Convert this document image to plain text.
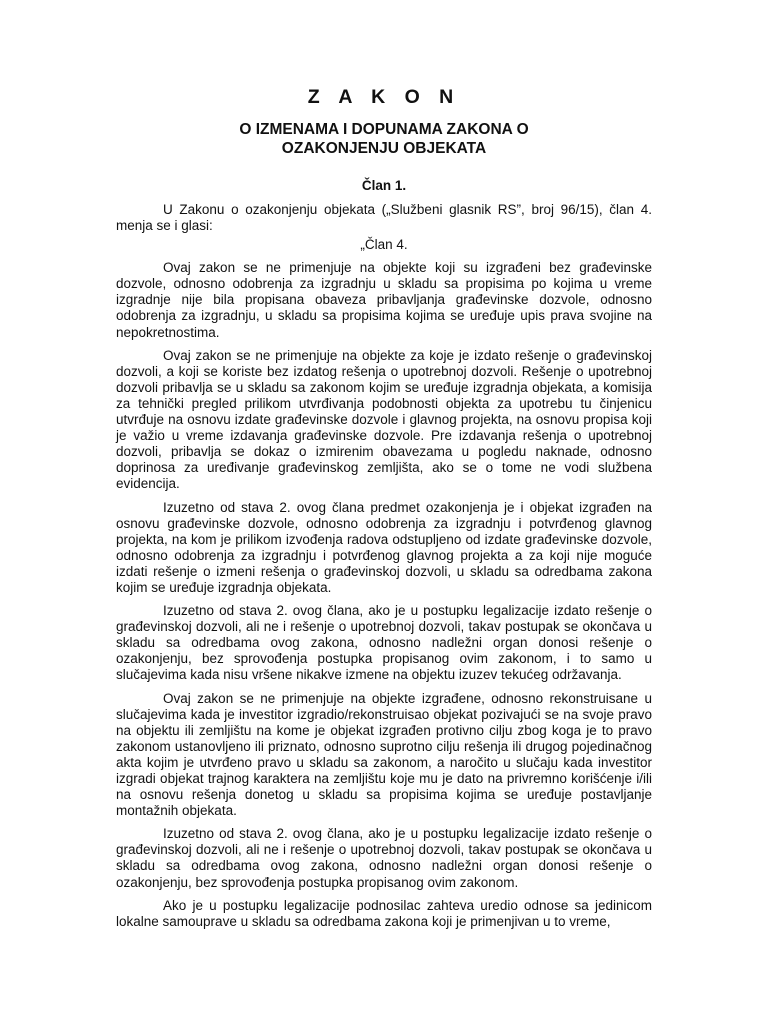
Z A K O N
O IZMENAMA I DOPUNAMA ZAKONA O
OZAKONJENJU OBJEKATA
Član 1.

U Zakonu o ozakonjenju objekata („Službeni glasnik RS”, broj 96/15), član 4. menja se i glasi:

„Član 4.

Ovaj zakon se ne primenjuje na objekte koji su izgrađeni bez građevinske dozvole, odnosno odobrenja za izgradnju u skladu sa propisima po kojima u vreme izgradnje nije bila propisana obaveza pribavljanja građevinske dozvole, odnosno odobrenja za izgradnju, u skladu sa propisima kojima se uređuje upis prava svojine na nepokretnostima.

Ovaj zakon se ne primenjuje na objekte za koje je izdato rešenje o građevinskoj dozvoli, a koji se koriste bez izdatog rešenja o upotrebnoj dozvoli. Rešenje o upotrebnoj dozvoli pribavlja se u skladu sa zakonom kojim se uređuje izgradnja objekata, a komisija za tehnički pregled prilikom utvrđivanja podobnosti objekta za upotrebu tu činjenicu utvrđuje na osnovu izdate građevinske dozvole i glavnog projekta, na osnovu propisa koji je važio u vreme izdavanja građevinske dozvole. Pre izdavanja rešenja o upotrebnoj dozvoli, pribavlja se dokaz o izmirenim obavezama u pogledu naknade, odnosno doprinosa za uređivanje građevinskog zemljišta, ako se o tome ne vodi službena evidencija.

Izuzetno od stava 2. ovog člana predmet ozakonjenja je i objekat izgrađen na osnovu građevinske dozvole, odnosno odobrenja za izgradnju i potvrđenog glavnog projekta, na kom je prilikom izvođenja radova odstupljeno od izdate građevinske dozvole, odnosno odobrenja za izgradnju i potvrđenog glavnog projekta a za koji nije moguće izdati rešenje o izmeni rešenja o građevinskoj dozvoli, u skladu sa odredbama zakona kojim se uređuje izgradnja objekata.

Izuzetno od stava 2. ovog člana, ako je u postupku legalizacije izdato rešenje o građevinskoj dozvoli, ali ne i rešenje o upotrebnoj dozvoli, takav postupak se okončava u skladu sa odredbama ovog zakona, odnosno nadležni organ donosi rešenje o ozakonjenju, bez sprovođenja postupka propisanog ovim zakonom, i to samo u slučajevima kada nisu vršene nikakve izmene na objektu izuzev tekućeg održavanja.

Ovaj zakon se ne primenjuje na objekte izgrađene, odnosno rekonstruisane u slučajevima kada je investitor izgradio/rekonstruisao objekat pozivajući se na svoje pravo na objektu ili zemljištu na kome je objekat izgrađen protivno cilju zbog koga je to pravo zakonom ustanovljeno ili priznato, odnosno suprotno cilju rešenja ili drugog pojedinačnog akta kojim je utvrđeno pravo u skladu sa zakonom, a naročito u slučaju kada investitor izgradi objekat trajnog karaktera na zemljištu koje mu je dato na privremno korišćenje i/ili na osnovu rešenja donetog u skladu sa propisima kojima se uređuje postavljanje montažnih objekata.

Izuzetno od stava 2. ovog člana, ako je u postupku legalizacije izdato rešenje o građevinskoj dozvoli, ali ne i rešenje o upotrebnoj dozvoli, takav postupak se okončava u skladu sa odredbama ovog zakona, odnosno nadležni organ donosi rešenje o ozakonjenju, bez sprovođenja postupka propisanog ovim zakonom.

Ako je u postupku legalizacije podnosilac zahteva uredio odnose sa jedinicom lokalne samouprave u skladu sa odredbama zakona koji je primenjivan u to vreme,
